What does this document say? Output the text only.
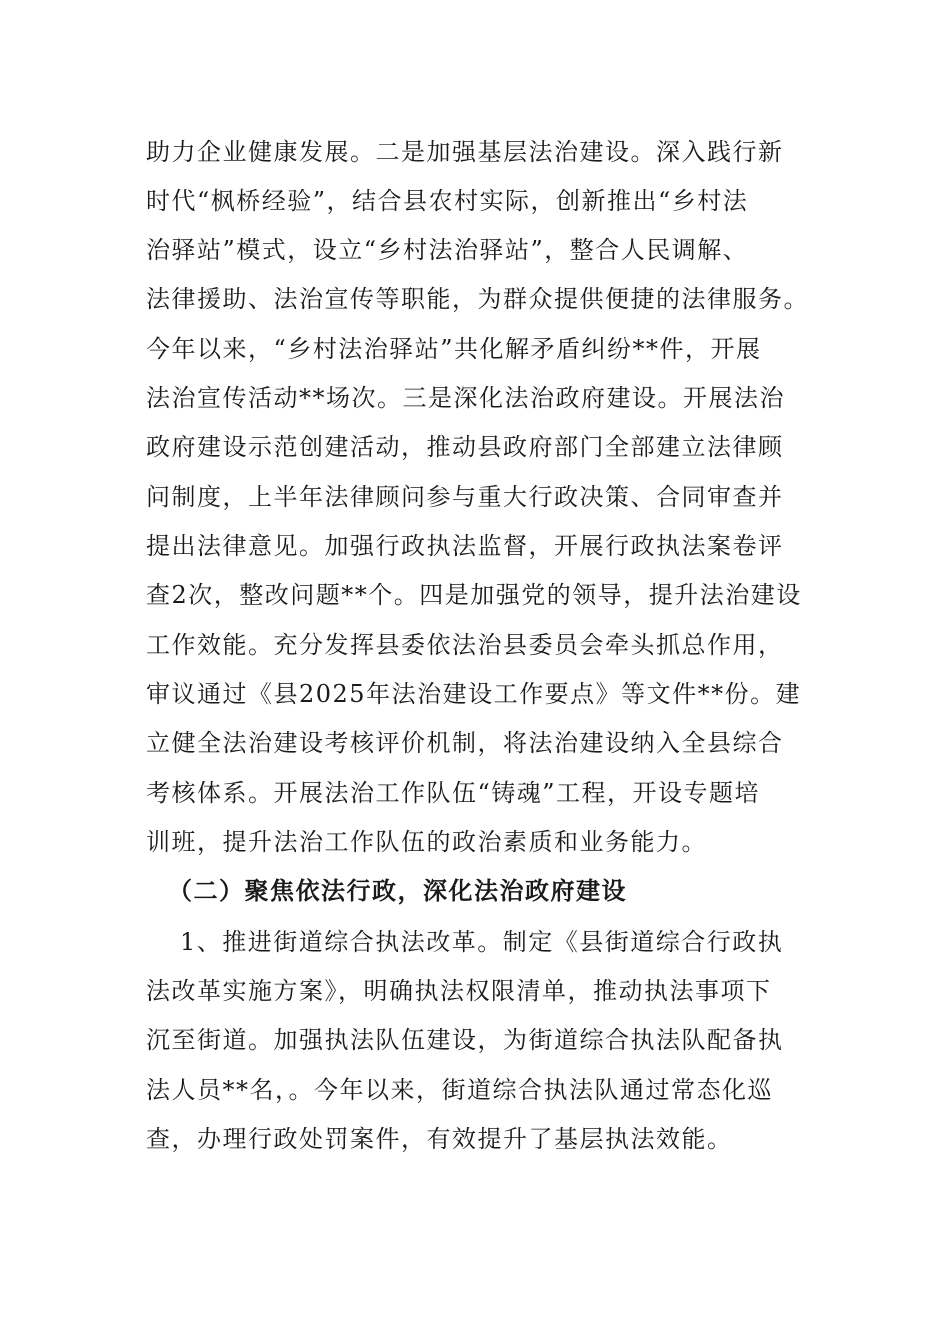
助力企业健康发展。二是加强基层法治建设。深入践行新
时代“枫桥经验”，结合县农村实际，创新推出“乡村法
治驿站”模式，设立“乡村法治驿站”，整合人民调解、
法律援助、法治宣传等职能，为群众提供便捷的法律服务。
今年以来，“乡村法治驿站”共化解矛盾纠纷**件，开展
法治宣传活动**场次。三是深化法治政府建设。开展法治
政府建设示范创建活动，推动县政府部门全部建立法律顾
问制度，上半年法律顾问参与重大行政决策、合同审查并
提出法律意见。加强行政执法监督，开展行政执法案卷评
查2次，整改问题**个。四是加强党的领导，提升法治建设
工作效能。充分发挥县委依法治县委员会牵头抓总作用，
审议通过《县2025年法治建设工作要点》等文件**份。建
立健全法治建设考核评价机制，将法治建设纳入全县综合
考核体系。开展法治工作队伍“铸魂”工程，开设专题培
训班，提升法治工作队伍的政治素质和业务能力。
（二）聚焦依法行政，深化法治政府建设
1、推进街道综合执法改革。制定《县街道综合行政执
法改革实施方案》，明确执法权限清单，推动执法事项下
沉至街道。加强执法队伍建设，为街道综合执法队配备执
法人员**名，。今年以来，街道综合执法队通过常态化巡
查，办理行政处罚案件，有效提升了基层执法效能。
